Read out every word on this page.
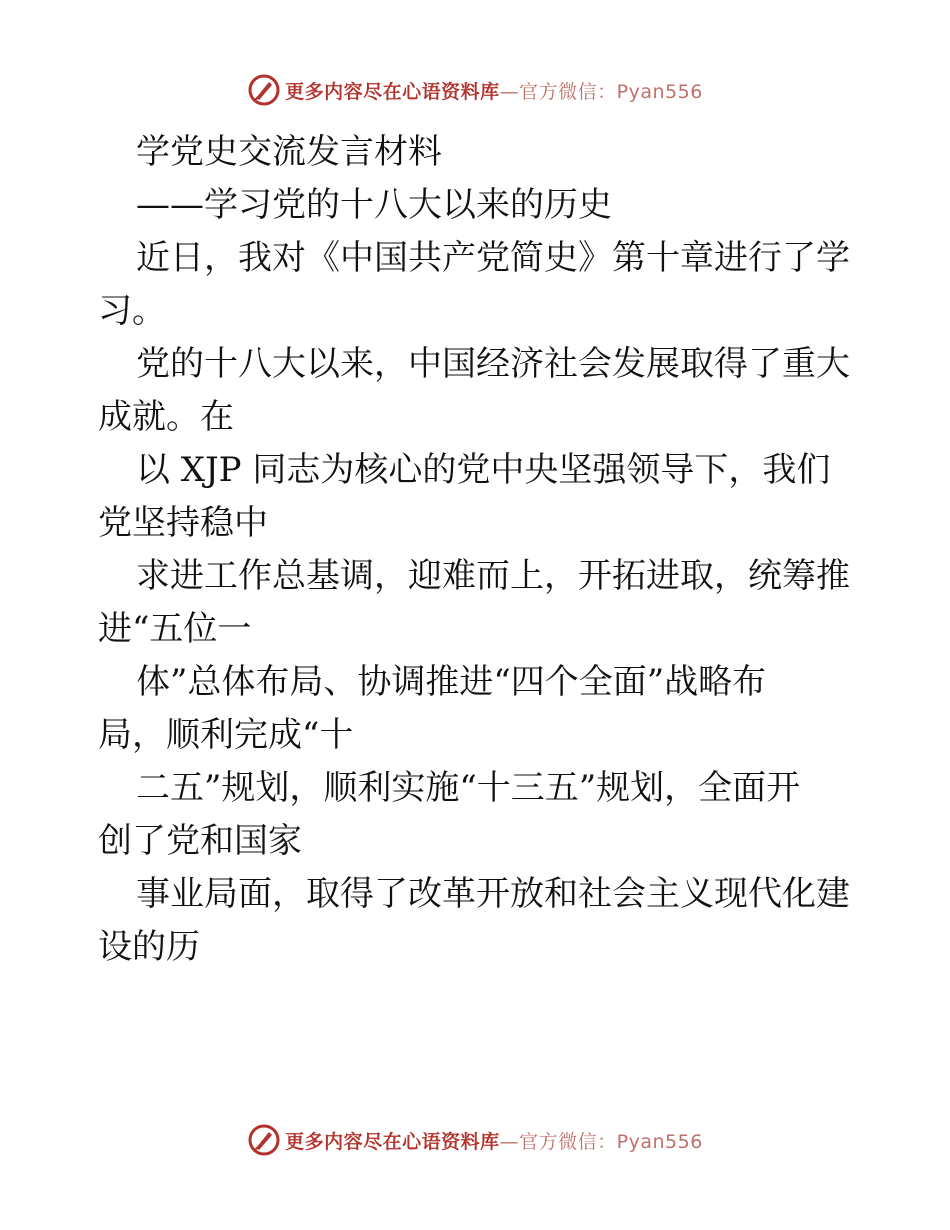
更多内容尽在心语资料库—官方微信：Pyan556

学党史交流发言材料

——学习党的十八大以来的历史

近日，我对《中国共产党简史》第十章进行了学

习。

党的十八大以来，中国经济社会发展取得了重大

成就。在

以 XJP 同志为核心的党中央坚强领导下，我们

党坚持稳中

求进工作总基调，迎难而上，开拓进取，统筹推

进“五位一

体”总体布局、协调推进“四个全面”战略布

局，顺利完成“十

二五”规划，顺利实施“十三五”规划，全面开

创了党和国家

事业局面，取得了改革开放和社会主义现代化建

设的历

更多内容尽在心语资料库—官方微信：Pyan556
